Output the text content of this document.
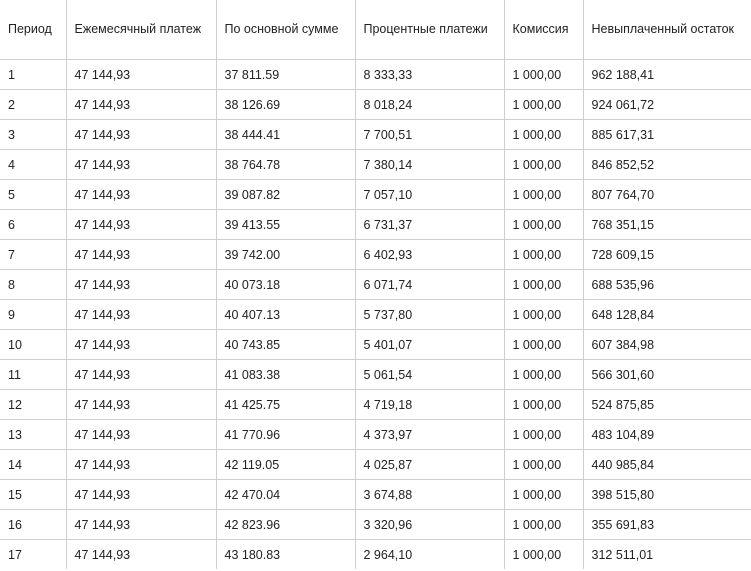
Период	Ежемесячный платеж	По основной сумме	Процентные платежи	Комиссия	Невыплаченный остаток
1	47 144,93	37 811.59	8 333,33	1 000,00	962 188,41
2	47 144,93	38 126.69	8 018,24	1 000,00	924 061,72
3	47 144,93	38 444.41	7 700,51	1 000,00	885 617,31
4	47 144,93	38 764.78	7 380,14	1 000,00	846 852,52
5	47 144,93	39 087.82	7 057,10	1 000,00	807 764,70
6	47 144,93	39 413.55	6 731,37	1 000,00	768 351,15
7	47 144,93	39 742.00	6 402,93	1 000,00	728 609,15
8	47 144,93	40 073.18	6 071,74	1 000,00	688 535,96
9	47 144,93	40 407.13	5 737,80	1 000,00	648 128,84
10	47 144,93	40 743.85	5 401,07	1 000,00	607 384,98
11	47 144,93	41 083.38	5 061,54	1 000,00	566 301,60
12	47 144,93	41 425.75	4 719,18	1 000,00	524 875,85
13	47 144,93	41 770.96	4 373,97	1 000,00	483 104,89
14	47 144,93	42 119.05	4 025,87	1 000,00	440 985,84
15	47 144,93	42 470.04	3 674,88	1 000,00	398 515,80
16	47 144,93	42 823.96	3 320,96	1 000,00	355 691,83
17	47 144,93	43 180.83	2 964,10	1 000,00	312 511,01
